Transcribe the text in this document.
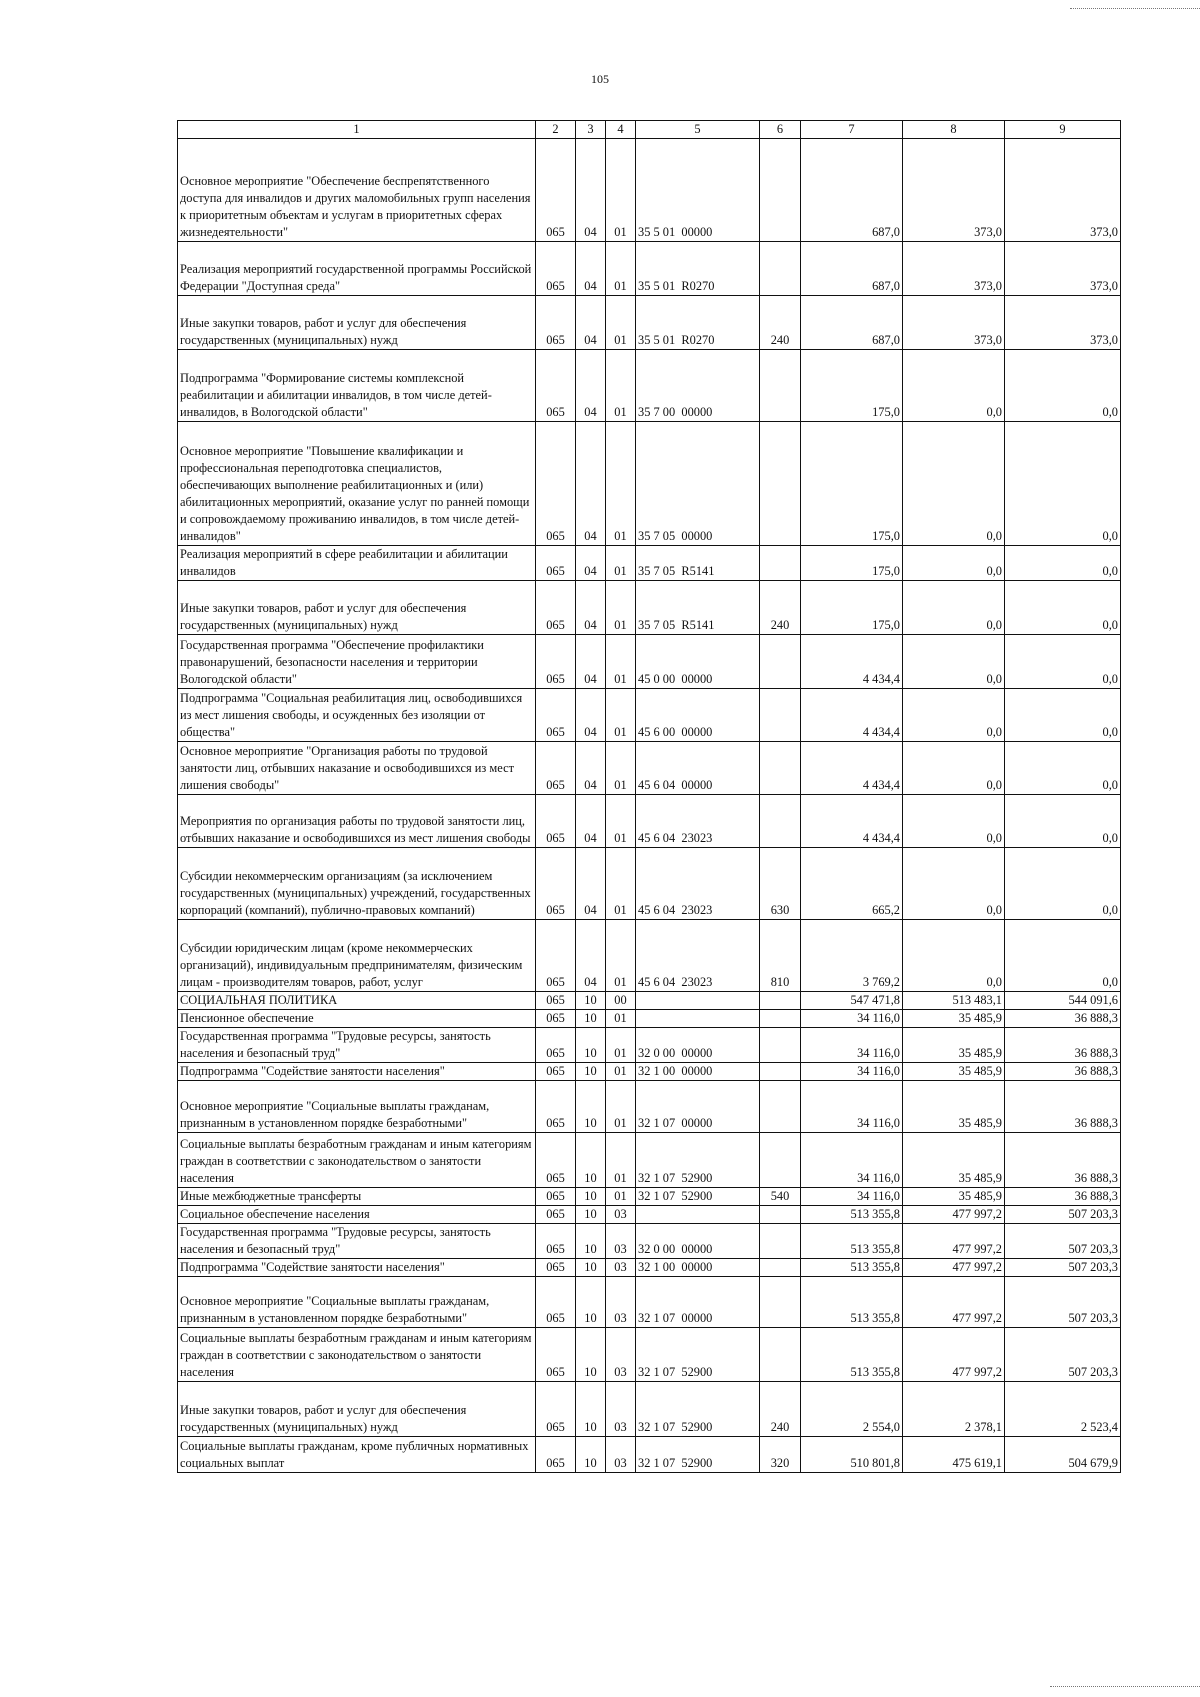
105
1	2	3	4	5	6	7	8	9
Основное мероприятие "Обеспечение беспрепятственного доступа для инвалидов и других маломобильных групп населения к приоритетным объектам и услугам в приоритетных сферах жизнедеятельности"	065	04	01	35 5 01  00000		687,0	373,0	373,0
Реализация мероприятий государственной программы Российской Федерации "Доступная среда"	065	04	01	35 5 01  R0270		687,0	373,0	373,0
Иные закупки товаров, работ и услуг для обеспечения государственных (муниципальных) нужд	065	04	01	35 5 01  R0270	240	687,0	373,0	373,0
Подпрограмма "Формирование системы комплексной реабилитации и абилитации инвалидов, в том числе детей-инвалидов, в Вологодской области"	065	04	01	35 7 00  00000		175,0	0,0	0,0
Основное мероприятие "Повышение квалификации и профессиональная переподготовка специалистов, обеспечивающих выполнение реабилитационных и (или) абилитационных мероприятий, оказание услуг по ранней помощи и сопровождаемому проживанию инвалидов, в том числе детей-инвалидов"	065	04	01	35 7 05  00000		175,0	0,0	0,0
Реализация мероприятий в сфере реабилитации и абилитации инвалидов	065	04	01	35 7 05  R5141		175,0	0,0	0,0
Иные закупки товаров, работ и услуг для обеспечения государственных (муниципальных) нужд	065	04	01	35 7 05  R5141	240	175,0	0,0	0,0
Государственная программа "Обеспечение профилактики правонарушений, безопасности населения и территории Вологодской области"	065	04	01	45 0 00  00000		4 434,4	0,0	0,0
Подпрограмма "Социальная реабилитация лиц, освободившихся из мест лишения свободы, и осужденных без изоляции от общества"	065	04	01	45 6 00  00000		4 434,4	0,0	0,0
Основное мероприятие "Организация работы по трудовой занятости лиц, отбывших наказание и освободившихся из мест лишения свободы"	065	04	01	45 6 04  00000		4 434,4	0,0	0,0
Мероприятия по организация работы по трудовой занятости лиц, отбывших наказание и освободившихся из мест лишения свободы	065	04	01	45 6 04  23023		4 434,4	0,0	0,0
Субсидии некоммерческим организациям (за исключением государственных (муниципальных) учреждений, государственных корпораций (компаний), публично-правовых компаний)	065	04	01	45 6 04  23023	630	665,2	0,0	0,0
Субсидии юридическим лицам (кроме некоммерческих организаций), индивидуальным предпринимателям, физическим лицам - производителям товаров, работ, услуг	065	04	01	45 6 04  23023	810	3 769,2	0,0	0,0
СОЦИАЛЬНАЯ ПОЛИТИКА	065	10	00			547 471,8	513 483,1	544 091,6
Пенсионное обеспечение	065	10	01			34 116,0	35 485,9	36 888,3
Государственная программа "Трудовые ресурсы, занятость населения и безопасный труд"	065	10	01	32 0 00  00000		34 116,0	35 485,9	36 888,3
Подпрограмма "Содействие занятости населения"	065	10	01	32 1 00  00000		34 116,0	35 485,9	36 888,3
Основное мероприятие "Социальные выплаты гражданам, признанным в установленном порядке безработными"	065	10	01	32 1 07  00000		34 116,0	35 485,9	36 888,3
Социальные выплаты безработным гражданам и иным категориям граждан в соответствии с законодательством о занятости населения	065	10	01	32 1 07  52900		34 116,0	35 485,9	36 888,3
Иные межбюджетные трансферты	065	10	01	32 1 07  52900	540	34 116,0	35 485,9	36 888,3
Социальное обеспечение населения	065	10	03			513 355,8	477 997,2	507 203,3
Государственная программа "Трудовые ресурсы, занятость населения и безопасный труд"	065	10	03	32 0 00  00000		513 355,8	477 997,2	507 203,3
Подпрограмма "Содействие занятости населения"	065	10	03	32 1 00  00000		513 355,8	477 997,2	507 203,3
Основное мероприятие "Социальные выплаты гражданам, признанным в установленном порядке безработными"	065	10	03	32 1 07  00000		513 355,8	477 997,2	507 203,3
Социальные выплаты безработным гражданам и иным категориям граждан в соответствии с законодательством о занятости населения	065	10	03	32 1 07  52900		513 355,8	477 997,2	507 203,3
Иные закупки товаров, работ и услуг для обеспечения государственных (муниципальных) нужд	065	10	03	32 1 07  52900	240	2 554,0	2 378,1	2 523,4
Социальные выплаты гражданам, кроме публичных нормативных социальных выплат	065	10	03	32 1 07  52900	320	510 801,8	475 619,1	504 679,9
